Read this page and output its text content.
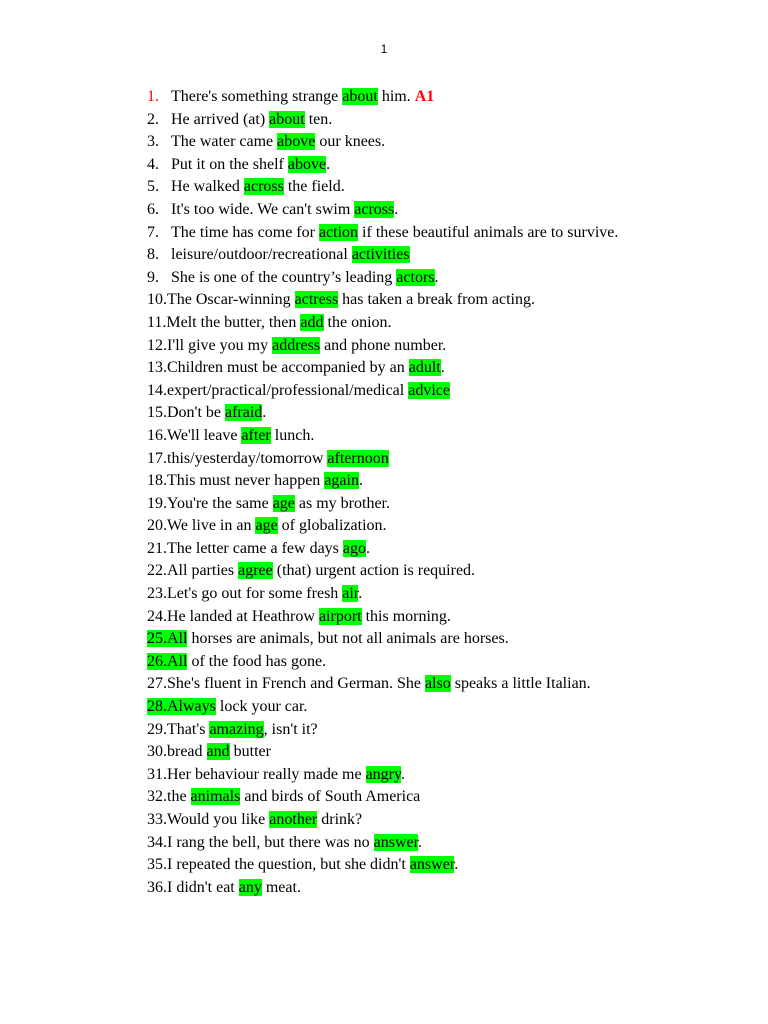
1
1. There's something strange about him. A1
2. He arrived (at) about ten.
3. The water came above our knees.
4. Put it on the shelf above.
5. He walked across the field.
6. It's too wide. We can't swim across.
7. The time has come for action if these beautiful animals are to survive.
8. leisure/outdoor/recreational activities
9. She is one of the country’s leading actors.
10. The Oscar-winning actress has taken a break from acting.
11. Melt the butter, then add the onion.
12. I'll give you my address and phone number.
13. Children must be accompanied by an adult.
14. expert/practical/professional/medical advice
15. Don't be afraid.
16. We'll leave after lunch.
17. this/yesterday/tomorrow afternoon
18. This must never happen again.
19. You're the same age as my brother.
20. We live in an age of globalization.
21. The letter came a few days ago.
22. All parties agree (that) urgent action is required.
23. Let's go out for some fresh air.
24. He landed at Heathrow airport this morning.
25.All horses are animals, but not all animals are horses.
26.All of the food has gone.
27. She's fluent in French and German. She also speaks a little Italian.
28.Always lock your car.
29. That's amazing, isn't it?
30. bread and butter
31. Her behaviour really made me angry.
32. the animals and birds of South America
33. Would you like another drink?
34. I rang the bell, but there was no answer.
35. I repeated the question, but she didn't answer.
36. I didn't eat any meat.
